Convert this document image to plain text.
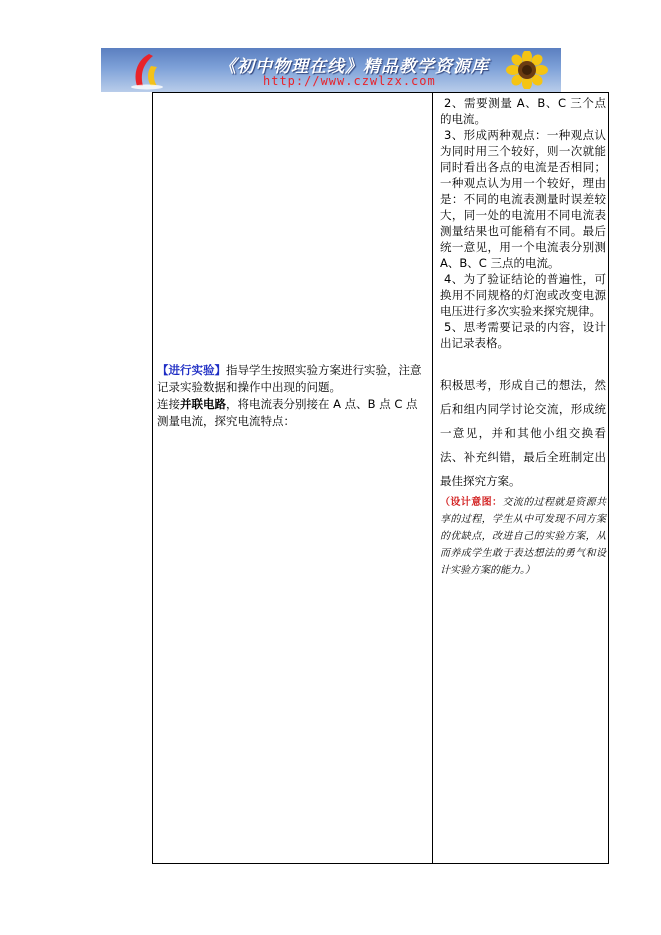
《初中物理在线》精品教学资源库
http://www.czwlzx.com

【进行实验】指导学生按照实验方案进行实验，注意记录实验数据和操作中出现的问题。

连接并联电路，将电流表分别接在 A 点、B 点 C 点测量电流，探究电流特点：

2、需要测量 A、B、C 三个点的电流。

3、形成两种观点：一种观点认为同时用三个较好，则一次就能同时看出各点的电流是否相同；一种观点认为用一个较好，理由是：不同的电流表测量时误差较大，同一处的电流用不同电流表测量结果也可能稍有不同。最后统一意见，用一个电流表分别测 A、B、C 三点的电流。

4、为了验证结论的普遍性，可换用不同规格的灯泡或改变电源电压进行多次实验来探究规律。

5、思考需要记录的内容，设计出记录表格。

积极思考，形成自己的想法，然后和组内同学讨论交流，形成统一意见，并和其他小组交换看法、补充纠错，最后全班制定出最佳探究方案。

（设计意图：交流的过程就是资源共享的过程，学生从中可发现不同方案的优缺点，改进自己的实验方案，从而养成学生敢于表达想法的勇气和设计实验方案的能力。）
